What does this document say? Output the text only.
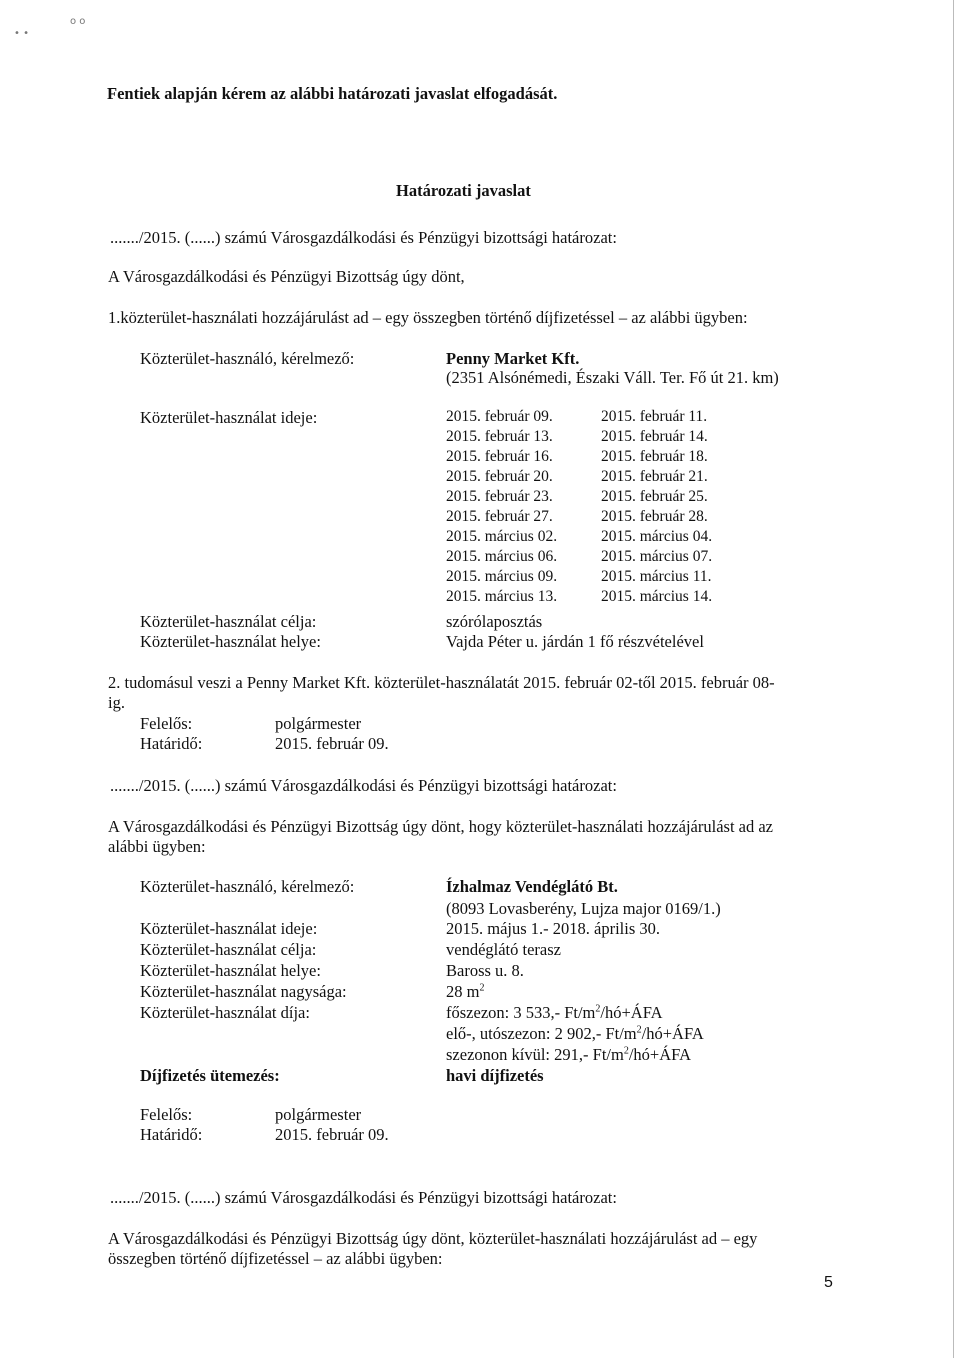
• •
o o
Fentiek alapján kérem az alábbi határozati javaslat elfogadását.
Határozati javaslat
......./2015. (......) számú Városgazdálkodási és Pénzügyi bizottsági határozat:
A Városgazdálkodási és Pénzügyi Bizottság úgy dönt,
1.közterület-használati hozzájárulást ad – egy összegben történő díjfizetéssel – az alábbi ügyben:
Közterület-használó, kérelmező:	Penny Market Kft.
(2351 Alsónémedi, Északi Váll. Ter. Fő út 21. km)
Közterület-használat ideje:	2015. február 09.	2015. február 11.
2015. február 13.	2015. február 14.
2015. február 16.	2015. február 18.
2015. február 20.	2015. február 21.
2015. február 23.	2015. február 25.
2015. február 27.	2015. február 28.
2015. március 02.	2015. március 04.
2015. március 06.	2015. március 07.
2015. március 09.	2015. március 11.
2015. március 13.	2015. március 14.
Közterület-használat célja:	szórólaposztás
Közterület-használat helye:	Vajda Péter u. járdán 1 fő részvételével
2. tudomásul veszi a Penny Market Kft. közterület-használatát 2015. február 02-től 2015. február 08-
ig.
Felelős:	polgármester
Határidő:	2015. február 09.
......./2015. (......) számú Városgazdálkodási és Pénzügyi bizottsági határozat:
A Városgazdálkodási és Pénzügyi Bizottság úgy dönt, hogy közterület-használati hozzájárulást ad az
alábbi ügyben:
Közterület-használó, kérelmező:	Ízhalmaz Vendéglátó Bt.
(8093 Lovasberény, Lujza major 0169/1.)
Közterület-használat ideje:	2015. május 1.- 2018. április 30.
Közterület-használat célja:	vendéglátó terasz
Közterület-használat helye:	Baross u. 8.
Közterület-használat nagysága:	28 $m^2$
Közterület-használat díja:	főszezon: 3 533,- $Ft/m^2/hó+ÁFA$
elő-, utószezon: 2 902,- $Ft/m^2/hó+ÁFA$
szezonon kívül: 291,- $Ft/m^2/hó+ÁFA$
Díjfizetés ütemezés:	havi díjfizetés
Felelős:	polgármester
Határidő:	2015. február 09.
......./2015. (......) számú Városgazdálkodási és Pénzügyi bizottsági határozat:
A Városgazdálkodási és Pénzügyi Bizottság úgy dönt, közterület-használati hozzájárulást ad – egy
összegben történő díjfizetéssel – az alábbi ügyben:
5
